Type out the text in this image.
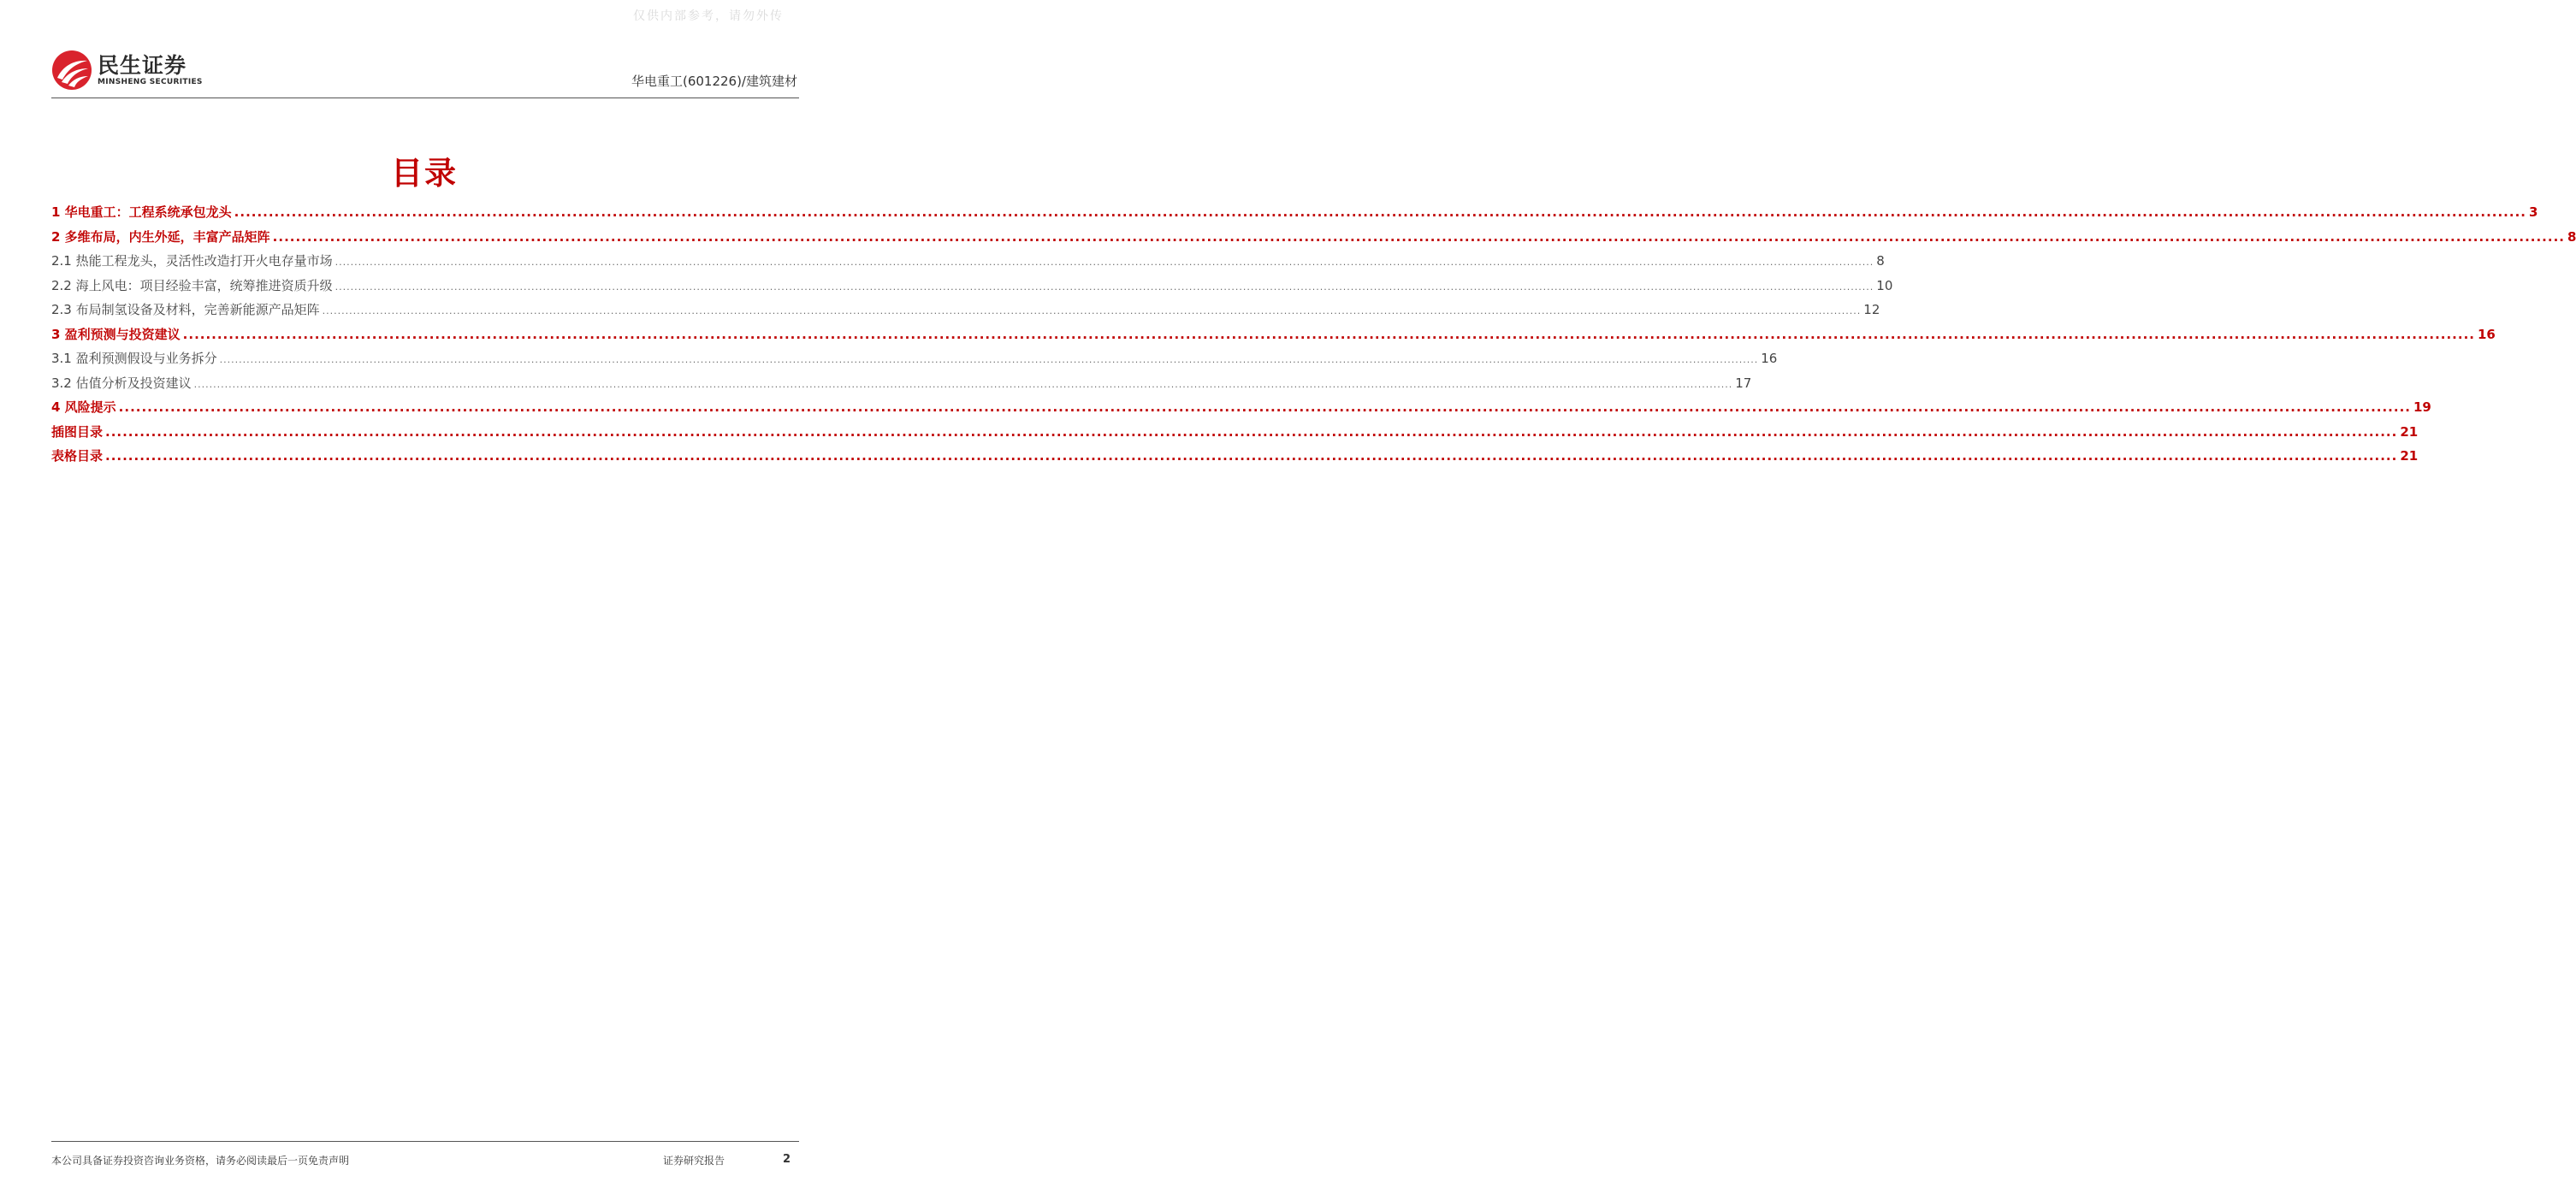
仅供内部参考，请勿外传
民生证券
MINSHENG SECURITIES	华电重工(601226)/建筑建材
目录
1 华电重工：工程系统承包龙头 ................................................................................................................................................................................................................................................................................................................................................................................................................ 3
2 多维布局，内生外延，丰富产品矩阵 ................................................................................................................................................................................................................................................................................................................................................................................................................ 8
2.1 热能工程龙头，灵活性改造打开火电存量市场 ................................................................................................................................................................................................................................................................................................................................................................................................................ 8
2.2 海上风电：项目经验丰富，统筹推进资质升级 ................................................................................................................................................................................................................................................................................................................................................................................................................ 10
2.3 布局制氢设备及材料，完善新能源产品矩阵 ................................................................................................................................................................................................................................................................................................................................................................................................................ 12
3 盈利预测与投资建议 ................................................................................................................................................................................................................................................................................................................................................................................................................ 16
3.1 盈利预测假设与业务拆分 ................................................................................................................................................................................................................................................................................................................................................................................................................ 16
3.2 估值分析及投资建议 ................................................................................................................................................................................................................................................................................................................................................................................................................ 17
4 风险提示 ................................................................................................................................................................................................................................................................................................................................................................................................................ 19
插图目录 ................................................................................................................................................................................................................................................................................................................................................................................................................ 21
表格目录 ................................................................................................................................................................................................................................................................................................................................................................................................................ 21
本公司具备证券投资咨询业务资格，请务必阅读最后一页免责声明	证券研究报告	2
